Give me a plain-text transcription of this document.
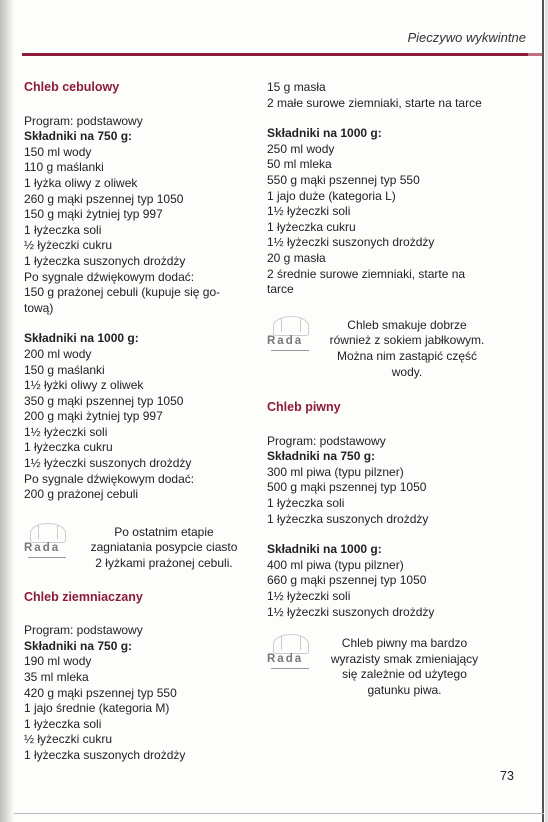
Pieczywo wykwintne
Chleb cebulowy
Program: podstawowy
Składniki na 750 g:
150 ml wody
110 g maślanki
1 łyżka oliwy z oliwek
260 g mąki pszennej typ 1050
150 g mąki żytniej typ 997
1 łyżeczka soli
½ łyżeczki cukru
1 łyżeczka suszonych drożdży
Po sygnale dźwiękowym dodać:
150 g prażonej cebuli (kupuje się go-
tową)
Składniki na 1000 g:
200 ml wody
150 g maślanki
1½ łyżki oliwy z oliwek
350 g mąki pszennej typ 1050
200 g mąki żytniej typ 997
1½ łyżeczki soli
1 łyżeczka cukru
1½ łyżeczki suszonych drożdży
Po sygnale dźwiękowym dodać:
200 g prażonej cebuli
Rada
Po ostatnim etapie
zagniatania posypcie ciasto
2 łyżkami prażonej cebuli.
Chleb ziemniaczany
Program: podstawowy
Składniki na 750 g:
190 ml wody
35 ml mleka
420 g mąki pszennej typ 550
1 jajo średnie (kategoria M)
1 łyżeczka soli
½ łyżeczki cukru
1 łyżeczka suszonych drożdży
15 g masła
2 małe surowe ziemniaki, starte na tarce
Składniki na 1000 g:
250 ml wody
50 ml mleka
550 g mąki pszennej typ 550
1 jajo duże (kategoria L)
1½ łyżeczki soli
1 łyżeczka cukru
1½ łyżeczki suszonych drożdży
20 g masła
2 średnie surowe ziemniaki, starte na
tarce
Rada
Chleb smakuje dobrze
również z sokiem jabłkowym.
Można nim zastąpić część
wody.
Chleb piwny
Program: podstawowy
Składniki na 750 g:
300 ml piwa (typu pilzner)
500 g mąki pszennej typ 1050
1 łyżeczka soli
1 łyżeczka suszonych drożdży
Składniki na 1000 g:
400 ml piwa (typu pilzner)
660 g mąki pszennej typ 1050
1½ łyżeczki soli
1½ łyżeczki suszonych drożdży
Rada
Chleb piwny ma bardzo
wyrazisty smak zmieniający
się zależnie od użytego
gatunku piwa.
73
